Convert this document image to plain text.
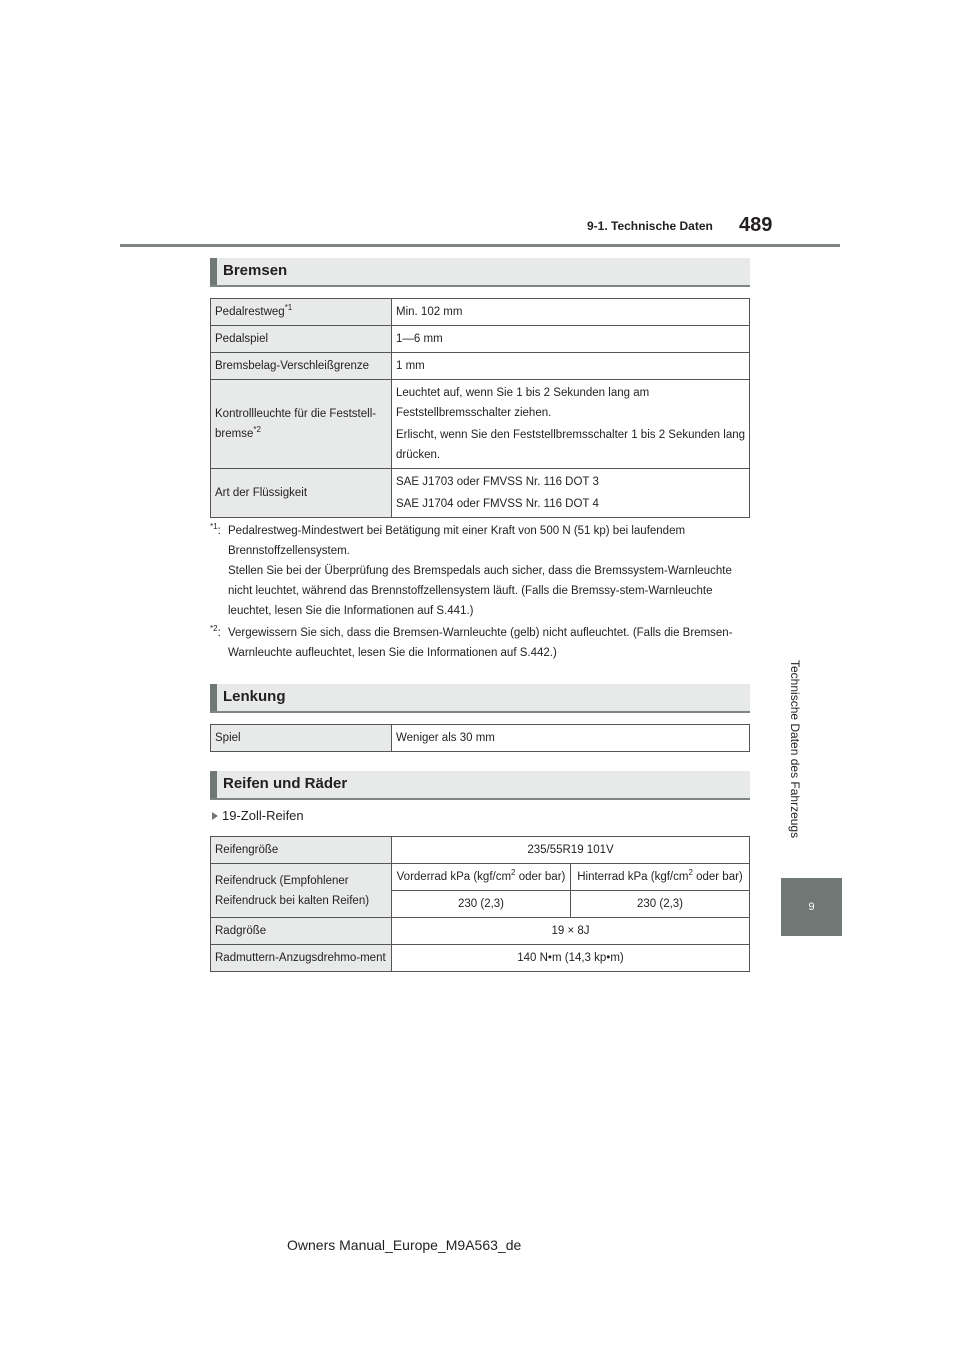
9-1. Technische Daten 489
Technische Daten des Fahrzeugs
9
Bremsen
Pedalrestweg$^{*1}$	Min. 102 mm
Pedalspiel	1—6 mm
Bremsbelag-Verschleißgrenze	1 mm
Kontrollleuchte für die Feststell-bremse$^{*2}$	Leuchtet auf, wenn Sie 1 bis 2 Sekunden lang am Feststellbremsschalter ziehen.
Erlischt, wenn Sie den Feststellbremsschalter 1 bis 2 Sekunden lang drücken.

Art der Flüssigkeit	SAE J1703 oder FMVSS Nr. 116 DOT 3
SAE J1704 oder FMVSS Nr. 116 DOT 4
$^{*1}$: Pedalrestweg-Mindestwert bei Betätigung mit einer Kraft von 500 N (51 kp) bei laufendem Brennstoffzellensystem.
Stellen Sie bei der Überprüfung des Bremspedals auch sicher, dass die Bremssystem-Warnleuchte nicht leuchtet, während das Brennstoffzellensystem läuft. (Falls die Bremssy-stem-Warnleuchte leuchtet, lesen Sie die Informationen auf S.441.)
$^{*2}$: Vergewissern Sie sich, dass die Bremsen-Warnleuchte (gelb) nicht aufleuchtet. (Falls die Bremsen-Warnleuchte aufleuchtet, lesen Sie die Informationen auf S.442.)
Lenkung
Spiel	Weniger als 30 mm
Reifen und Räder
19-Zoll-Reifen
Reifengröße	235/55R19 101V	
Reifendruck (Empfohlener Reifendruck bei kalten Reifen)	Vorderrad kPa ($kgf/cm^2$ oder bar)	Hinterrad kPa ($kgf/cm^2$ oder bar)
	230 (2,3)	230 (2,3)
Radgröße	19 × 8J	
Radmuttern-Anzugsdrehmo-ment	140 N•m (14,3 kp•m)	
Owners Manual_Europe_M9A563_de
